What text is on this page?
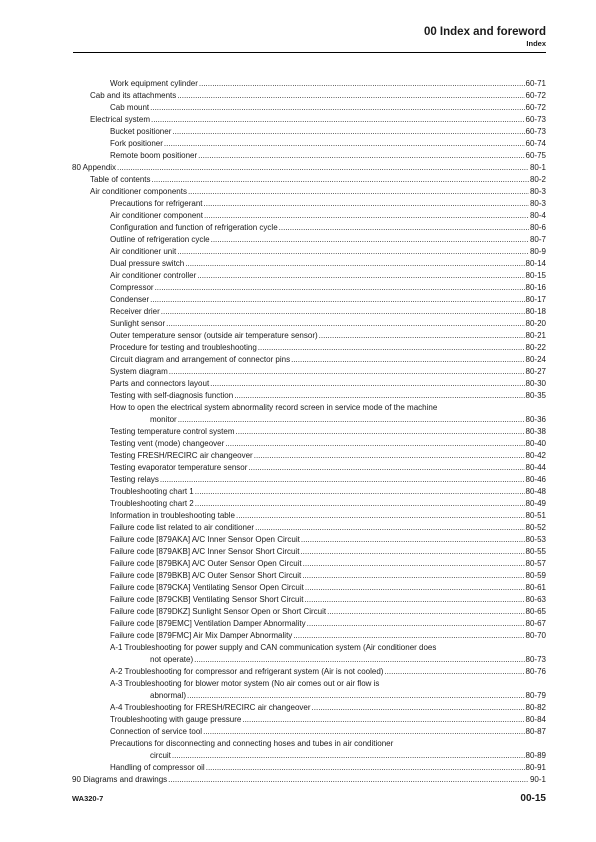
00 Index and foreword
Index
Work equipment cylinder .....	60-71
Cab and its attachments .....	60-72
Cab mount .....	60-72
Electrical system .....	60-73
Bucket positioner .....	60-73
Fork positioner .....	60-74
Remote boom positioner .....	60-75
80 Appendix .....	80-1
Table of contents .....	80-2
Air conditioner components .....	80-3
Precautions for refrigerant .....	80-3
Air conditioner component .....	80-4
Configuration and function of refrigeration cycle .....	80-6
Outline of refrigeration cycle .....	80-7
Air conditioner unit .....	80-9
Dual pressure switch .....	80-14
Air conditioner controller .....	80-15
Compressor .....	80-16
Condenser .....	80-17
Receiver drier .....	80-18
Sunlight sensor .....	80-20
Outer temperature sensor (outside air temperature sensor) .....	80-21
Procedure for testing and troubleshooting .....	80-22
Circuit diagram and arrangement of connector pins .....	80-24
System diagram .....	80-27
Parts and connectors layout .....	80-30
Testing with self-diagnosis function .....	80-35
How to open the electrical system abnormality record screen in service mode of the machine
monitor .....	80-36
Testing temperature control system .....	80-38
Testing vent (mode) changeover .....	80-40
Testing FRESH/RECIRC air changeover .....	80-42
Testing evaporator temperature sensor .....	80-44
Testing relays .....	80-46
Troubleshooting chart 1 .....	80-48
Troubleshooting chart 2 .....	80-49
Information in troubleshooting table .....	80-51
Failure code list related to air conditioner .....	80-52
Failure code [879AKA] A/C Inner Sensor Open Circuit .....	80-53
Failure code [879AKB] A/C Inner Sensor Short Circuit .....	80-55
Failure code [879BKA] A/C Outer Sensor Open Circuit .....	80-57
Failure code [879BKB] A/C Outer Sensor Short Circuit .....	80-59
Failure code [879CKA] Ventilating Sensor Open Circuit .....	80-61
Failure code [879CKB] Ventilating Sensor Short Circuit .....	80-63
Failure code [879DKZ] Sunlight Sensor Open or Short Circuit .....	80-65
Failure code [879EMC] Ventilation Damper Abnormality .....	80-67
Failure code [879FMC] Air Mix Damper Abnormality .....	80-70
A-1 Troubleshooting for power supply and CAN communication system (Air conditioner does
not operate) .....	80-73
A-2 Troubleshooting for compressor and refrigerant system (Air is not cooled) .....	80-76
A-3 Troubleshooting for blower motor system (No air comes out or air flow is
abnormal) .....	80-79
A-4 Troubleshooting for FRESH/RECIRC air changeover .....	80-82
Troubleshooting with gauge pressure .....	80-84
Connection of service tool .....	80-87
Precautions for disconnecting and connecting hoses and tubes in air conditioner
circuit .....	80-89
Handling of compressor oil .....	80-91
90 Diagrams and drawings .....	90-1
WA320-7	00-15
